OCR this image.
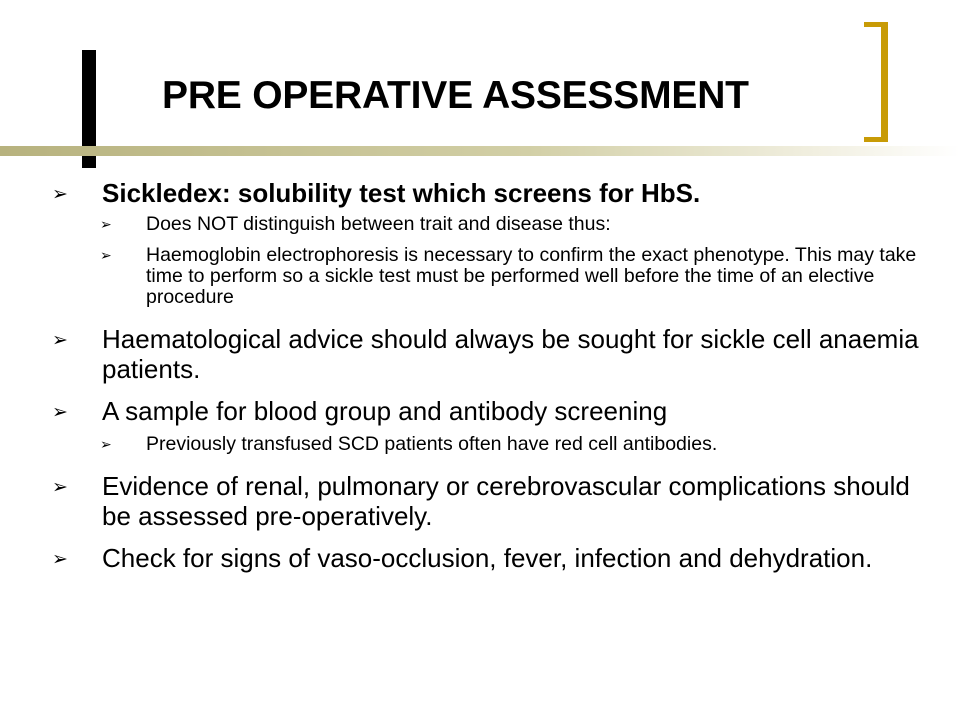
PRE OPERATIVE ASSESSMENT
➢ Sickledex: solubility test which screens for HbS.
➢ Does NOT distinguish between trait and disease thus:
➢ Haemoglobin electrophoresis is necessary to confirm the exact phenotype. This may take time to perform so a sickle test must be performed well before the time of an elective procedure
➢ Haematological advice should always be sought for sickle cell anaemia patients.
➢ A sample for blood group and antibody screening
➢ Previously transfused SCD patients often have red cell antibodies.
➢ Evidence of renal, pulmonary or cerebrovascular complications should be assessed pre-operatively.
➢ Check for signs of vaso-occlusion, fever, infection and dehydration.
